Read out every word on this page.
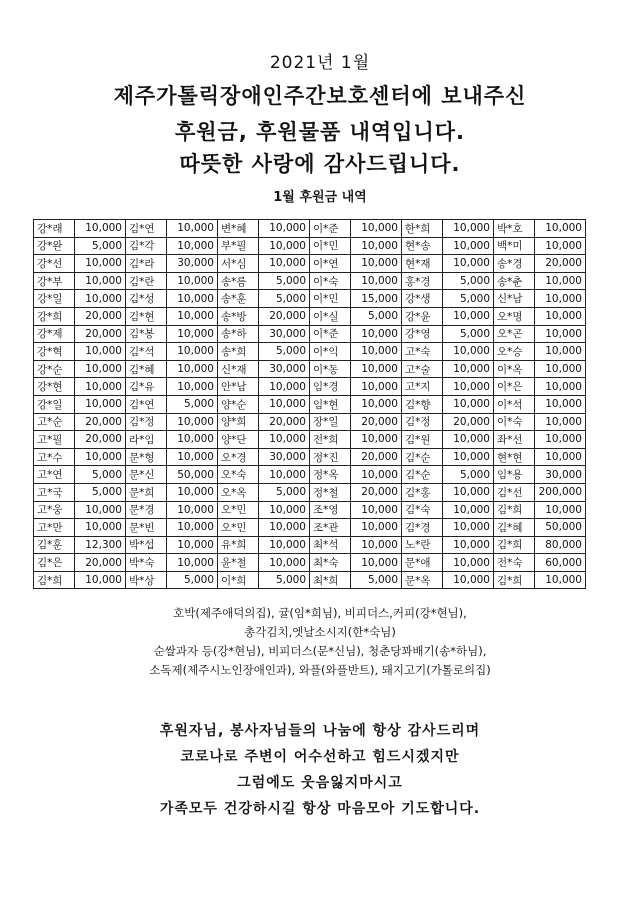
2021년 1월
제주가톨릭장애인주간보호센터에 보내주신
후원금, 후원물품 내역입니다.
따뜻한 사랑에 감사드립니다.
1월 후원금 내역
강*래	10,000	김*연	10,000	변*혜	10,000	이*준	10,000	한*희	10,000	박*호	10,000
강*완	5,000	김*각	10,000	부*필	10,000	이*민	10,000	현*송	10,000	백*미	10,000
강*선	10,000	김*라	30,000	서*심	10,000	이*연	10,000	현*재	10,000	송*경	20,000
강*부	10,000	김*란	10,000	송*름	5,000	이*숙	10,000	홍*경	5,000	송*춘	10,000
강*일	10,000	김*성	10,000	송*훈	5,000	이*민	15,000	강*생	5,000	신*남	10,000
강*희	20,000	김*현	10,000	송*방	20,000	이*실	5,000	강*윤	10,000	오*명	10,000
강*제	20,000	김*봉	10,000	송*하	30,000	이*준	10,000	강*영	5,000	오*곤	10,000
강*혁	10,000	김*석	10,000	송*희	5,000	이*익	10,000	고*숙	10,000	오*승	10,000
강*순	10,000	김*혜	10,000	신*재	30,000	이*동	10,000	고*술	10,000	이*옥	10,000
강*현	10,000	김*유	10,000	안*남	10,000	임*경	10,000	고*지	10,000	이*은	10,000
강*일	10,000	김*연	5,000	양*순	10,000	임*현	10,000	김*향	10,000	이*석	10,000
고*순	20,000	김*정	10,000	양*희	20,000	장*일	20,000	김*정	20,000	이*숙	10,000
고*필	20,000	라*임	10,000	양*단	10,000	전*희	10,000	김*원	10,000	좌*선	10,000
고*수	10,000	문*형	10,000	오*경	30,000	정*진	20,000	김*순	10,000	현*현	10,000
고*연	5,000	문*신	50,000	오*숙	10,000	정*옥	10,000	김*순	5,000	임*용	30,000
고*국	5,000	문*희	10,000	오*옥	5,000	정*철	20,000	김*홍	10,000	김*선	200,000
고*웅	10,000	문*경	10,000	오*민	10,000	조*영	10,000	김*숙	10,000	김*희	10,000
고*만	10,000	문*빈	10,000	오*민	10,000	조*관	10,000	김*경	10,000	김*혜	50,000
김*훈	12,300	박*섭	10,000	유*희	10,000	최*석	10,000	노*란	10,000	김*희	80,000
김*은	20,000	박*숙	10,000	윤*철	10,000	최*숙	10,000	문*애	10,000	전*숙	60,000
김*희	10,000	박*상	5,000	이*희	5,000	최*희	5,000	문*옥	10,000	김*희	10,000
호박(제주애덕의집), 귤(임*희님), 비피더스,커피(강*현님),
총각김치,엣날소시지(한*숙님)
순쌀과자 등(강*현님), 비피더스(문*신님), 청춘당꽈배기(송*하님),
소독제(제주시노인장애인과), 와플(와플반트), 돼지고기(가톨로의집)
후원자님, 봉사자님들의 나눔에 항상 감사드리며
코로나로 주변이 어수선하고 힘드시겠지만
그럼에도 웃음잃지마시고
가족모두 건강하시길 항상 마음모아 기도합니다.
